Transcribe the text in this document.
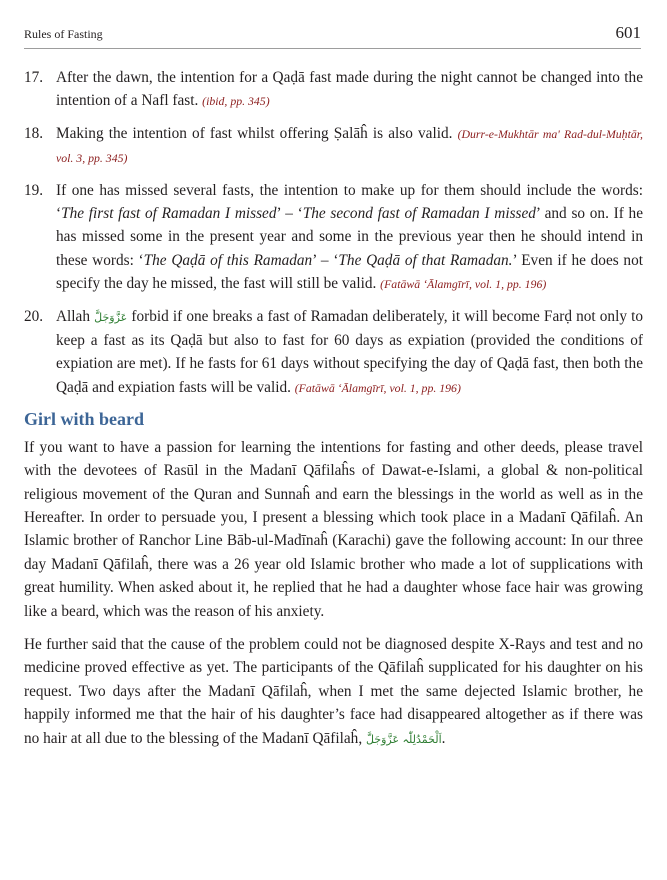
Rules of Fasting	601
17. After the dawn, the intention for a Qaḍā fast made during the night cannot be changed into the intention of a Nafl fast. (ibid, pp. 345)
18. Making the intention of fast whilst offering Ṣalāĥ is also valid. (Durr-e-Mukhtār ma' Rad-dul-Muḥtār, vol. 3, pp. 345)
19. If one has missed several fasts, the intention to make up for them should include the words: ‘The first fast of Ramadan I missed’ – ‘The second fast of Ramadan I missed’ and so on. If he has missed some in the present year and some in the previous year then he should intend in these words: ‘The Qaḍā of this Ramadan’ – ‘The Qaḍā of that Ramadan.’ Even if he does not specify the day he missed, the fast will still be valid. (Fatāwā ‘Ālamgīrī, vol. 1, pp. 196)
20. Allah عَزَّوَجَلَّ forbid if one breaks a fast of Ramadan deliberately, it will become Farḍ not only to keep a fast as its Qaḍā but also to fast for 60 days as expiation (provided the conditions of expiation are met). If he fasts for 61 days without specifying the day of Qaḍā fast, then both the Qaḍā and expiation fasts will be valid. (Fatāwā ‘Ālamgīrī, vol. 1, pp. 196)
Girl with beard

If you want to have a passion for learning the intentions for fasting and other deeds, please travel with the devotees of Rasūl in the Madanī Qāfilaĥs of Dawat-e-Islami, a global & non-political religious movement of the Quran and Sunnaĥ and earn the blessings in the world as well as in the Hereafter. In order to persuade you, I present a blessing which took place in a Madanī Qāfilaĥ. An Islamic brother of Ranchor Line Bāb-ul-Madīnaĥ (Karachi) gave the following account: In our three day Madanī Qāfilaĥ, there was a 26 year old Islamic brother who made a lot of supplications with great humility. When asked about it, he replied that he had a daughter whose face hair was growing like a beard, which was the reason of his anxiety.

He further said that the cause of the problem could not be diagnosed despite X-Rays and test and no medicine proved effective as yet. The participants of the Qāfilaĥ supplicated for his daughter on his request. Two days after the Madanī Qāfilaĥ, when I met the same dejected Islamic brother, he happily informed me that the hair of his daughter’s face had disappeared altogether as if there was no hair at all due to the blessing of the Madanī Qāfilaĥ, اَلْحَمْدُلِلّٰہ عَزَّوَجَلَّ.
